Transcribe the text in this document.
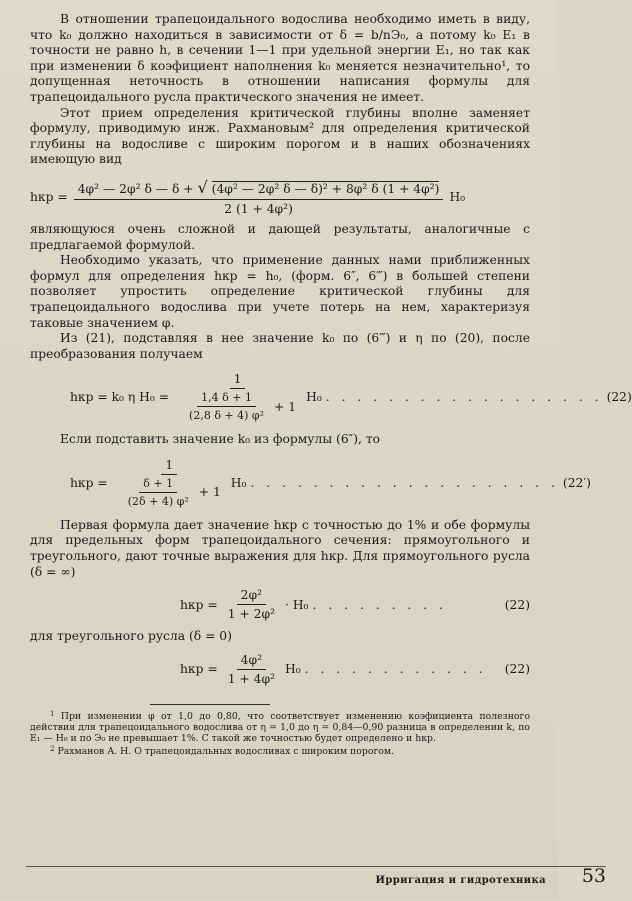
В отношении трапецоидального водослива необходимо иметь в виду, что k₀ должно находиться в зависимости от δ = b/nЭ₀, а потому k₀ E₁ в точности не равно h, в сечении 1—1 при удельной энергии E₁, но так как при изменении δ коэфициент наполнения k₀ меняется незначительно¹, то допущенная неточность в отношении написания формулы для трапецоидального русла практического значения не имеет.

Этот прием определения критической глубины вполне заменяет формулу, приводимую инж. Рахмановым² для определения критической глубины на водосливе с широким порогом и в наших обозначениях имеющую вид

hкр =
4φ² — 2φ² δ — δ + √ (4φ² — 2φ² δ — δ)² + 8φ² δ (1 + 4φ²)
2 (1 + 4φ²)
H₀

являющуюся очень сложной и дающей результаты, аналогичные с предлагаемой формулой.

Необходимо указать, что применение данных нами приближенных формул для определения hкр = h₀, (форм. 6″, 6‴) в большей степени позволяет упростить определение критической глубины для трапецоидального водослива при учете потерь на нем, характеризуя таковые значением φ.

Из (21), подставляя в нее значение k₀ по (6‴) и η по (20), после преобразования получаем

hкр = k₀ η $H_0 = \frac{1}{\frac{1,4 \delta + 1}{\text{(2,8 δ + 4) φ²}} + 1} H_0$ . . . . . . . . . . . . . . . . . . (22)

Если подставить значение k₀ из формулы (6″), то

hкр = $\frac{1}{\frac{\delta + 1}{\text{(2δ + 4) φ²}} + 1} H_0$ . . . . . . . . . . . . . . . . . . . . (22′)

Первая формула дает значение hкр с точностью до 1% и обе формулы для предельных форм трапецоидального сечения: прямоугольного и треугольного, дают точные выражения для hкр. Для прямоугольного русла (δ = ∞)

hкр = $\frac{\text{2φ²}}{\text{1 + 2φ²}} \cdot H_0$ . . . . . . . . .	(22)

для треугольного русла (δ = 0)

hкр = $\frac{\text{4φ²}}{\text{1 + 4φ²}} H_0$ . . . . . . . . . . . .	(22)

$^1$ При изменении φ от 1,0 до 0,80, что соответствует изменению коэфициента полезного действия для трапецоидального водослива от η = 1,0 до η = 0,84—0,90 разница в определении k, по E₁ — H₀ и по Э₀ не превышает 1%. С такой же точностью будет определено и hкр.

$^2$ Рахманов А. Н. О трапецоидальных водосливах с широким порогом.

Ирригация и гидротехника 53
